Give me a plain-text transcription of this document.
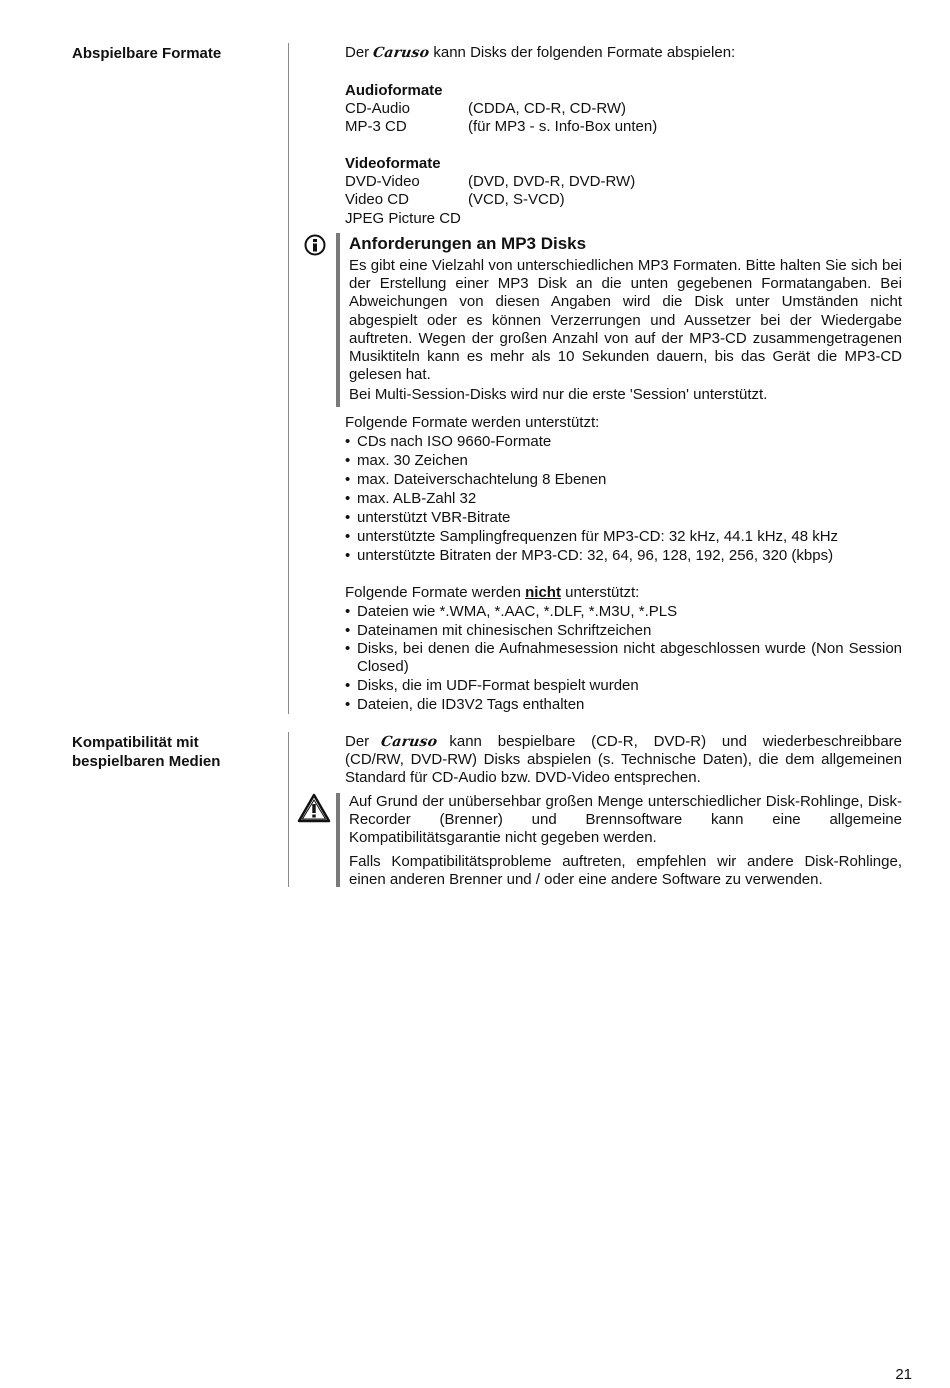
Abspielbare Formate	Der Caruso kann Disks der folgenden Formate abspielen:

Audioformate

CD-Audio	(CDDA, CD-R, CD-RW)
MP-3 CD	(für MP3 - s. Info-Box unten)

Videoformate

DVD-Video	(DVD, DVD-R, DVD-RW)
Video CD	(VCD, S-VCD)
JPEG Picture CD

Anforderungen an MP3 Disks

Es gibt eine Vielzahl von unterschiedlichen MP3 Formaten. Bitte halten Sie sich bei der Erstellung einer MP3 Disk an die unten gegebenen Formatangaben. Bei Abweichungen von diesen Angaben wird die Disk unter Umständen nicht abgespielt oder es können Verzerrungen und Aussetzer bei der Wiedergabe auftreten. Wegen der großen Anzahl von auf der MP3-CD zusammengetragenen Musiktiteln kann es mehr als 10 Sekunden dauern, bis das Gerät die MP3-CD gelesen hat.

Bei Multi-Session-Disks wird nur die erste 'Session' unterstützt.

Folgende Formate werden unterstützt:

• CDs nach ISO 9660-Formate
• max. 30 Zeichen
• max. Dateiverschachtelung 8 Ebenen
• max. ALB-Zahl 32
• unterstützt VBR-Bitrate
• unterstützte Samplingfrequenzen für MP3-CD: 32 kHz, 44.1 kHz, 48 kHz
• unterstützte Bitraten der MP3-CD: 32, 64, 96, 128, 192, 256, 320 (kbps)

Folgende Formate werden nicht unterstützt:

• Dateien wie *.WMA, *.AAC, *.DLF, *.M3U, *.PLS
• Dateinamen mit chinesischen Schriftzeichen
• Disks, bei denen die Aufnahmesession nicht abgeschlossen wurde (Non Session Closed)
• Disks, die im UDF-Format bespielt wurden
• Dateien, die ID3V2 Tags enthalten
Kompatibilität mit
bespielbaren Medien
Der Caruso kann bespielbare (CD-R, DVD-R) und wiederbeschreibbare (CD/RW, DVD-RW) Disks abspielen (s. Technische Daten), die dem allgemeinen Standard für CD-Audio bzw. DVD-Video entsprechen.

Auf Grund der unübersehbar großen Menge unterschiedlicher Disk-Rohlinge, Disk-Recorder (Brenner) und Brennsoftware kann eine allgemeine Kompatibilitätsgarantie nicht gegeben werden.

Falls Kompatibilitätsprobleme auftreten, empfehlen wir andere Disk-Rohlinge, einen anderen Brenner und / oder eine andere Software zu verwenden.

21
